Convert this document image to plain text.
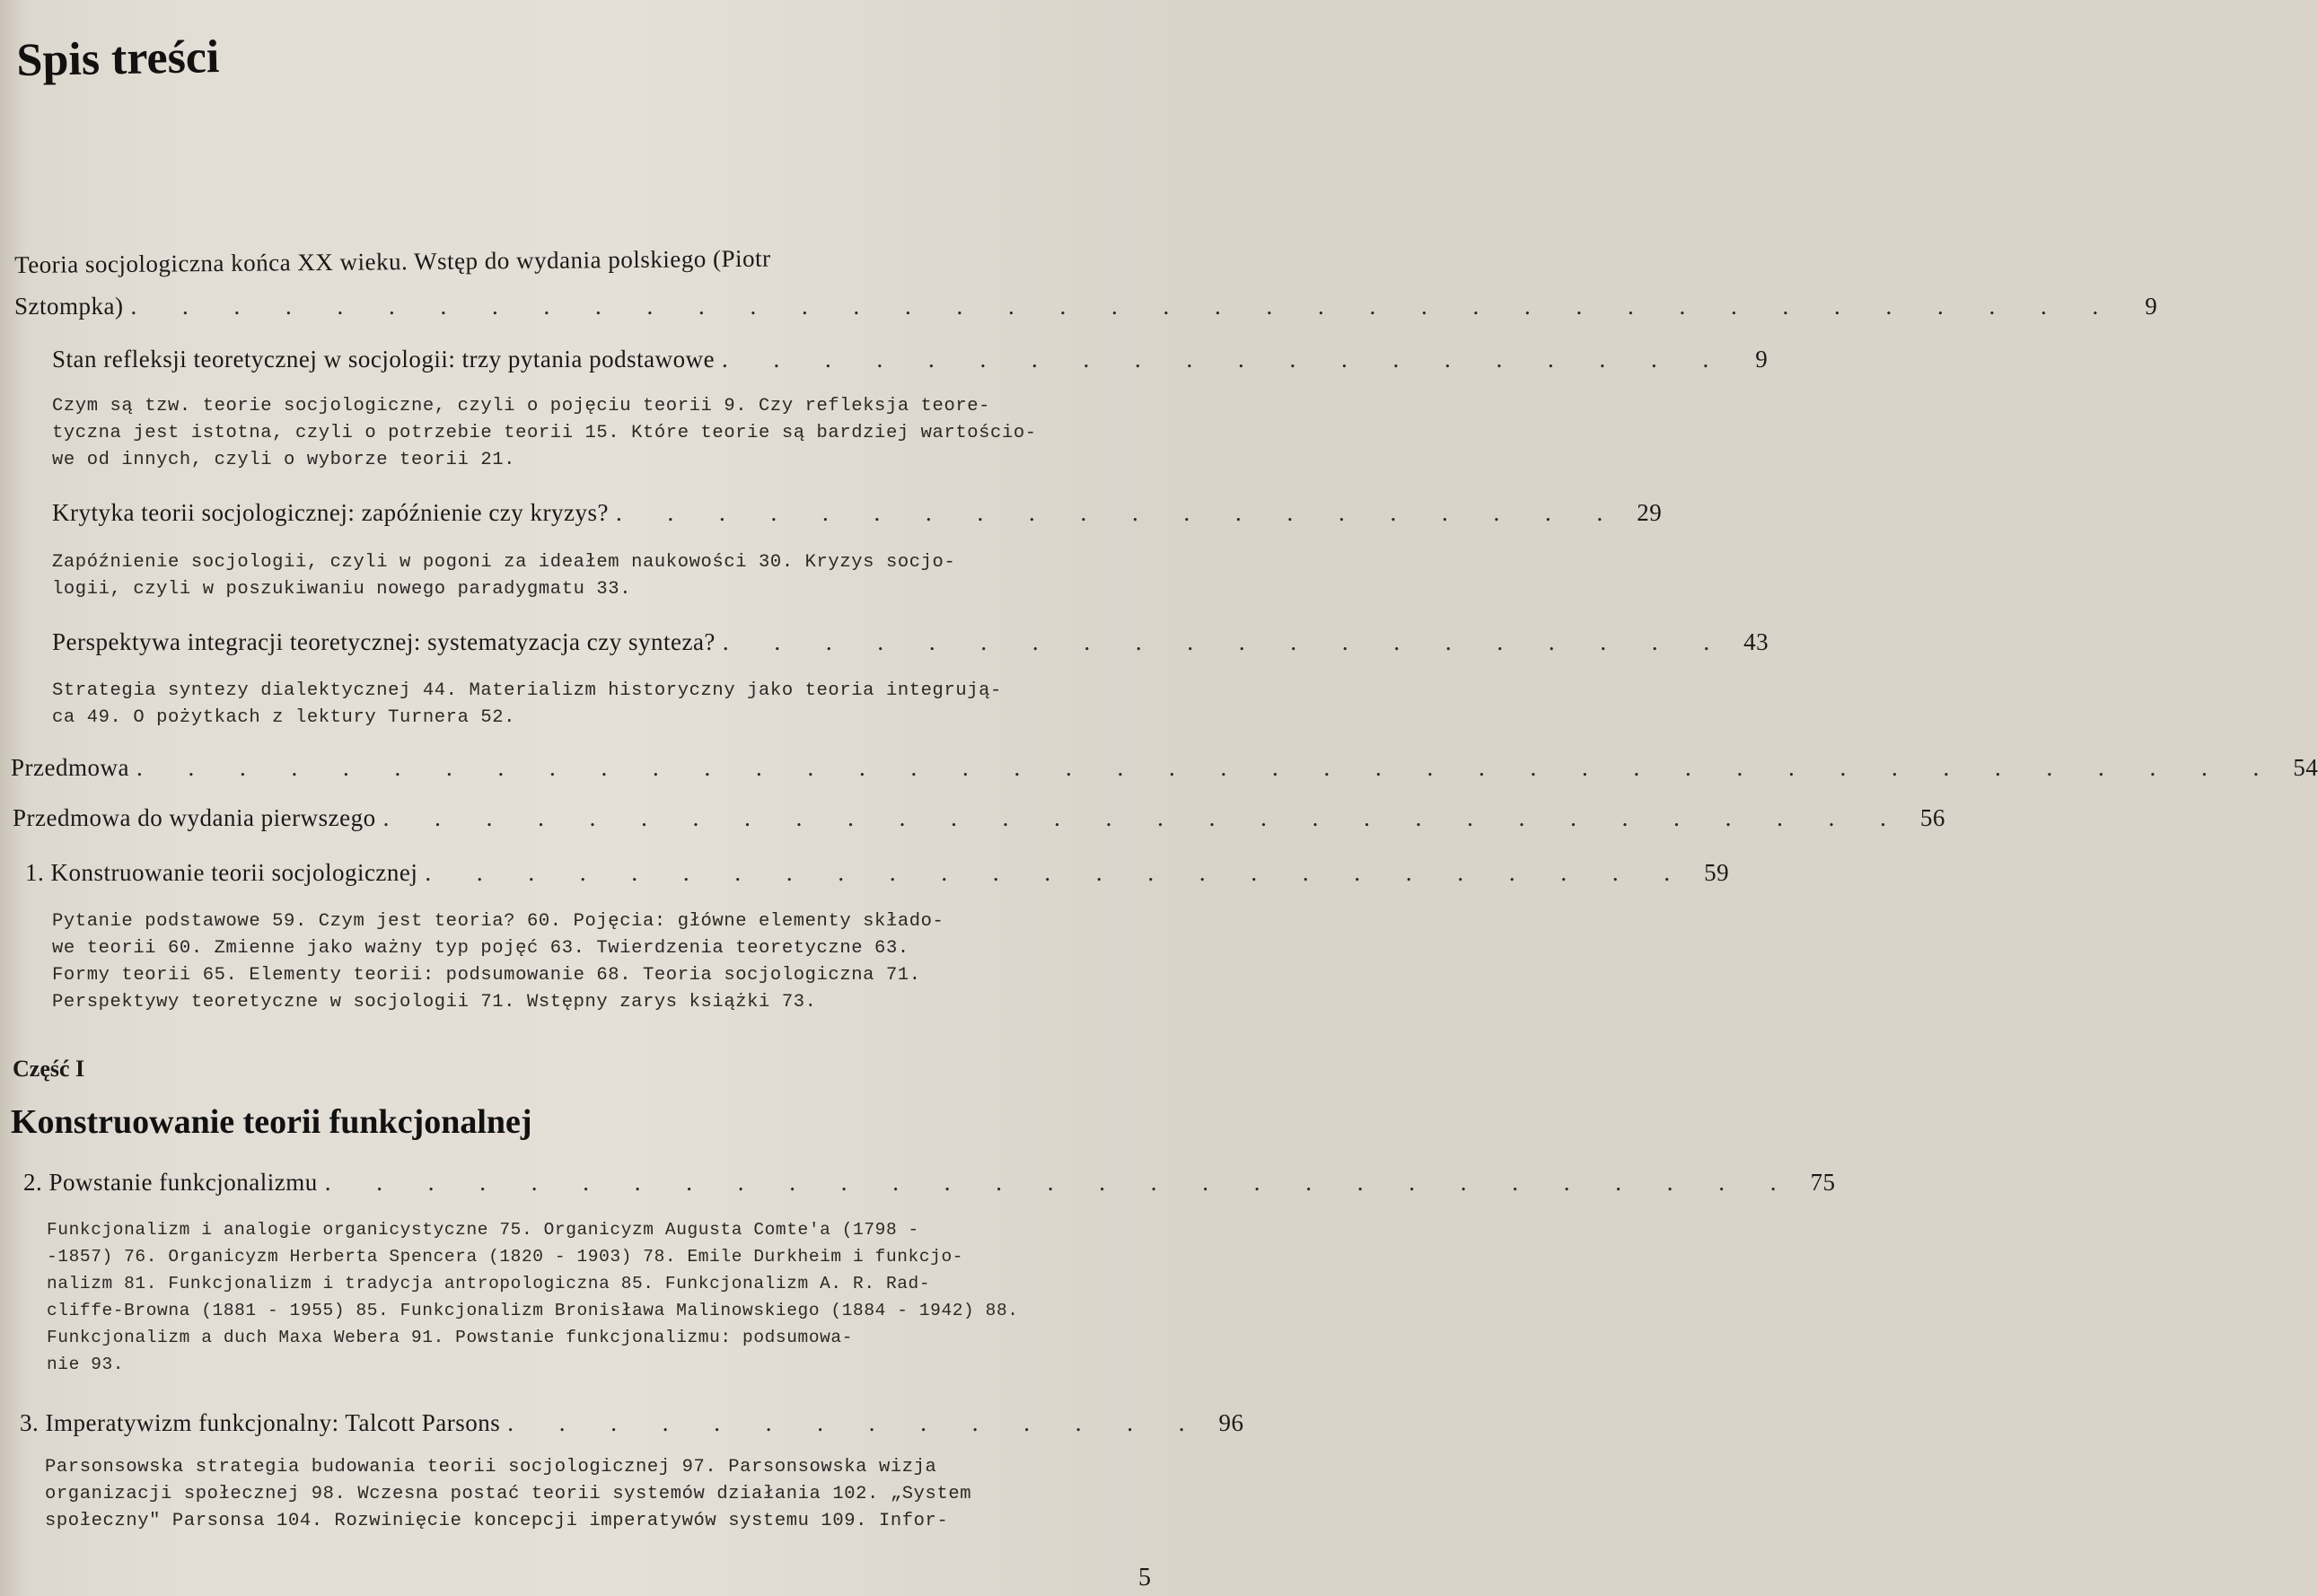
Spis treści
Teoria socjologiczna końca XX wieku. Wstęp do wydania polskiego (Piotr
Sztompka) . . . . . . . . . . . . . . . . . . . . . . . . . . . . . . . . . . . . . . .	9
Stan refleksji teoretycznej w socjologii: trzy pytania podstawowe . . . . . . . . . . . . . . . . . . . .	9
Czym są tzw. teorie socjologiczne, czyli o pojęciu teorii 9. Czy refleksja teore-
tyczna jest istotna, czyli o potrzebie teorii 15. Które teorie są bardziej wartościo-
we od innych, czyli o wyborze teorii 21.
Krytyka teorii socjologicznej: zapóźnienie czy kryzys? . . . . . . . . . . . . . . . . . . . . 29
Zapóźnienie socjologii, czyli w pogoni za ideałem naukowości 30. Kryzys socjo-
logii, czyli w poszukiwaniu nowego paradygmatu 33.
Perspektywa integracji teoretycznej: systematyzacja czy synteza? . . . . . . . . . . . . . . . . . . . . 43
Strategia syntezy dialektycznej 44. Materializm historyczny jako teoria integrują-
ca 49. O pożytkach z lektury Turnera 52.
Przedmowa . . . . . . . . . . . . . . . . . . . . . . . . . . . . . . . . . . . . . . . . . . 54
Przedmowa do wydania pierwszego . . . . . . . . . . . . . . . . . . . . . . . . . . . . . . 56
1. Konstruowanie teorii socjologicznej . . . . . . . . . . . . . . . . . . . . . . . . . 59
Pytanie podstawowe 59. Czym jest teoria? 60. Pojęcia: główne elementy składo-
we teorii 60. Zmienne jako ważny typ pojęć 63. Twierdzenia teoretyczne 63.
Formy teorii 65. Elementy teorii: podsumowanie 68. Teoria socjologiczna 71.
Perspektywy teoretyczne w socjologii 71. Wstępny zarys książki 73.
Część I
Konstruowanie teorii funkcjonalnej
2. Powstanie funkcjonalizmu . . . . . . . . . . . . . . . . . . . . . . . . . . . . . 75
Funkcjonalizm i analogie organicystyczne 75. Organicyzm Augusta Comte'a (1798 -
-1857) 76. Organicyzm Herberta Spencera (1820 - 1903) 78. Emile Durkheim i funkcjo-
nalizm 81. Funkcjonalizm i tradycja antropologiczna 85. Funkcjonalizm A. R. Rad-
cliffe-Browna (1881 - 1955) 85. Funkcjonalizm Bronisława Malinowskiego (1884 - 1942) 88.
Funkcjonalizm a duch Maxa Webera 91. Powstanie funkcjonalizmu: podsumowa-
nie 93.
3. Imperatywizm funkcjonalny: Talcott Parsons . . . . . . . . . . . . . . 96
Parsonsowska strategia budowania teorii socjologicznej 97. Parsonsowska wizja
organizacji społecznej 98. Wczesna postać teorii systemów działania 102. „System
społeczny" Parsonsa 104. Rozwinięcie koncepcji imperatywów systemu 109. Infor-
5
